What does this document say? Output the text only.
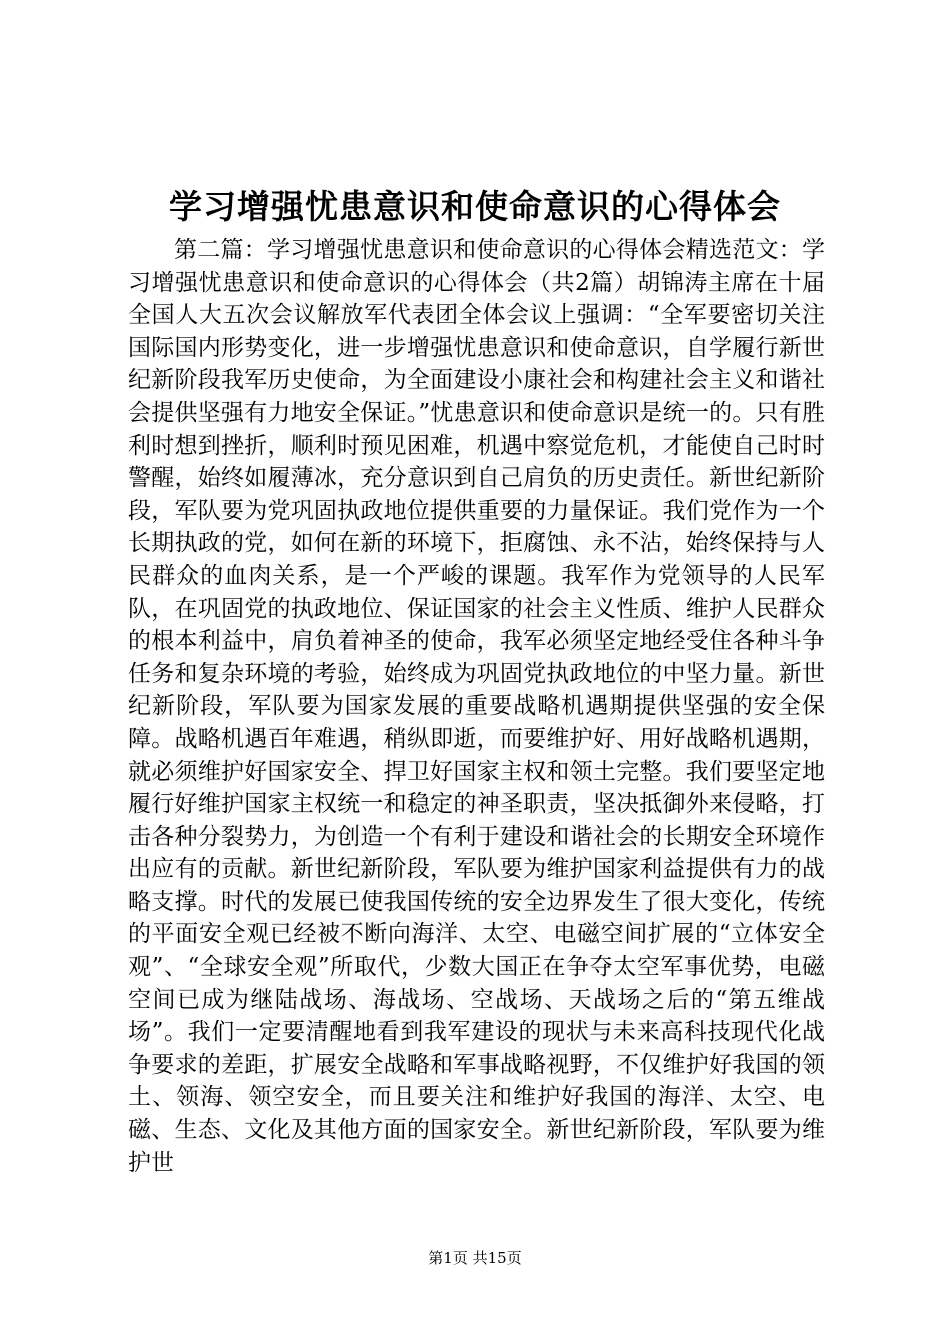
学习增强忧患意识和使命意识的心得体会

第二篇：学习增强忧患意识和使命意识的心得体会精选范文：学习增强忧患意识和使命意识的心得体会（共2篇）胡锦涛主席在十届全国人大五次会议解放军代表团全体会议上强调：“全军要密切关注国际国内形势变化，进一步增强忧患意识和使命意识，自学履行新世纪新阶段我军历史使命，为全面建设小康社会和构建社会主义和谐社会提供坚强有力地安全保证。”忧患意识和使命意识是统一的。只有胜利时想到挫折，顺利时预见困难，机遇中察觉危机，才能使自己时时警醒，始终如履薄冰，充分意识到自己肩负的历史责任。新世纪新阶段，军队要为党巩固执政地位提供重要的力量保证。我们党作为一个长期执政的党，如何在新的环境下，拒腐蚀、永不沾，始终保持与人民群众的血肉关系，是一个严峻的课题。我军作为党领导的人民军队，在巩固党的执政地位、保证国家的社会主义性质、维护人民群众的根本利益中，肩负着神圣的使命，我军必须坚定地经受住各种斗争任务和复杂环境的考验，始终成为巩固党执政地位的中坚力量。新世纪新阶段，军队要为国家发展的重要战略机遇期提供坚强的安全保障。战略机遇百年难遇，稍纵即逝，而要维护好、用好战略机遇期，就必须维护好国家安全、捍卫好国家主权和领土完整。我们要坚定地履行好维护国家主权统一和稳定的神圣职责，坚决抵御外来侵略，打击各种分裂势力，为创造一个有利于建设和谐社会的长期安全环境作出应有的贡献。新世纪新阶段，军队要为维护国家利益提供有力的战略支撑。时代的发展已使我国传统的安全边界发生了很大变化，传统的平面安全观已经被不断向海洋、太空、电磁空间扩展的“立体安全观”、“全球安全观”所取代，少数大国正在争夺太空军事优势，电磁空间已成为继陆战场、海战场、空战场、天战场之后的“第五维战场”。我们一定要清醒地看到我军建设的现状与未来高科技现代化战争要求的差距，扩展安全战略和军事战略视野，不仅维护好我国的领土、领海、领空安全，而且要关注和维护好我国的海洋、太空、电磁、生态、文化及其他方面的国家安全。新世纪新阶段，军队要为维护世

第1页 共15页
